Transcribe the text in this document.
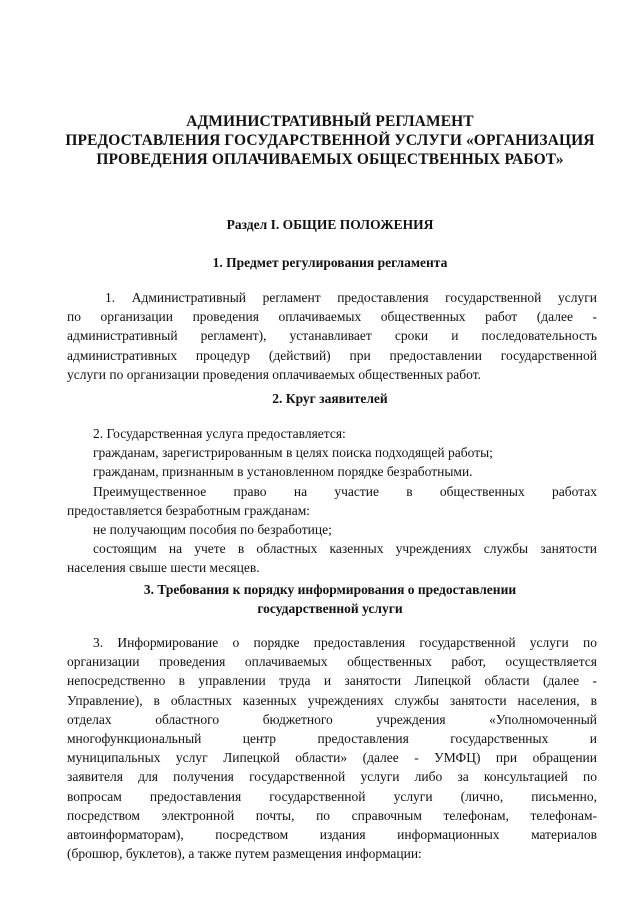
АДМИНИСТРАТИВНЫЙ РЕГЛАМЕНТ
ПРЕДОСТАВЛЕНИЯ ГОСУДАРСТВЕННОЙ УСЛУГИ «ОРГАНИЗАЦИЯ
ПРОВЕДЕНИЯ ОПЛАЧИВАЕМЫХ ОБЩЕСТВЕННЫХ РАБОТ»
Раздел I. ОБЩИЕ ПОЛОЖЕНИЯ
1. Предмет регулирования регламента
1. Административный регламент предоставления государственной услуги
по организации проведения оплачиваемых общественных работ (далее -
административный регламент), устанавливает сроки и последовательность
административных процедур (действий) при предоставлении государственной
услуги по организации проведения оплачиваемых общественных работ.
2. Круг заявителей
2. Государственная услуга предоставляется:
гражданам, зарегистрированным в целях поиска подходящей работы;
гражданам, признанным в установленном порядке безработными.
Преимущественное право на участие в общественных работах
предоставляется безработным гражданам:
не получающим пособия по безработице;
состоящим на учете в областных казенных учреждениях службы занятости
населения свыше шести месяцев.
3. Требования к порядку информирования о предоставлении
государственной услуги
3. Информирование о порядке предоставления государственной услуги по
организации проведения оплачиваемых общественных работ, осуществляется
непосредственно в управлении труда и занятости Липецкой области (далее -
Управление), в областных казенных учреждениях службы занятости населения, в
отделах областного бюджетного учреждения «Уполномоченный
многофункциональный центр предоставления государственных и
муниципальных услуг Липецкой области» (далее - УМФЦ) при обращении
заявителя для получения государственной услуги либо за консультацией по
вопросам предоставления государственной услуги (лично, письменно,
посредством электронной почты, по справочным телефонам, телефонам-
автоинформаторам), посредством издания информационных материалов
(брошюр, буклетов), а также путем размещения информации:
